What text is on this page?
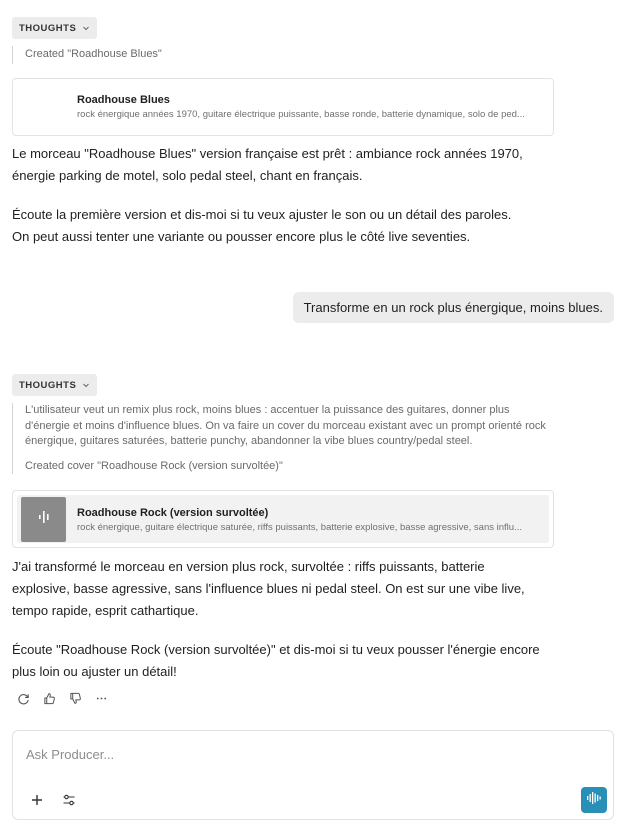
THOUGHTS
Created "Roadhouse Blues"
Roadhouse Blues
rock énergique années 1970, guitare électrique puissante, basse ronde, batterie dynamique, solo de ped...
Le morceau "Roadhouse Blues" version française est prêt : ambiance rock années 1970, énergie parking de motel, solo pedal steel, chant en français.
Écoute la première version et dis-moi si tu veux ajuster le son ou un détail des paroles. On peut aussi tenter une variante ou pousser encore plus le côté live seventies.
Transforme en un rock plus énergique, moins blues.
THOUGHTS
L'utilisateur veut un remix plus rock, moins blues : accentuer la puissance des guitares, donner plus d'énergie et moins d'influence blues. On va faire un cover du morceau existant avec un prompt orienté rock énergique, guitares saturées, batterie punchy, abandonner la vibe blues country/pedal steel.
Created cover "Roadhouse Rock (version survoltée)"
Roadhouse Rock (version survoltée)
rock énergique, guitare électrique saturée, riffs puissants, batterie explosive, basse agressive, sans influ...
J'ai transformé le morceau en version plus rock, survoltée : riffs puissants, batterie explosive, basse agressive, sans l'influence blues ni pedal steel. On est sur une vibe live, tempo rapide, esprit cathartique.
Écoute "Roadhouse Rock (version survoltée)" et dis-moi si tu veux pousser l'énergie encore plus loin ou ajuster un détail!
Ask Producer...
